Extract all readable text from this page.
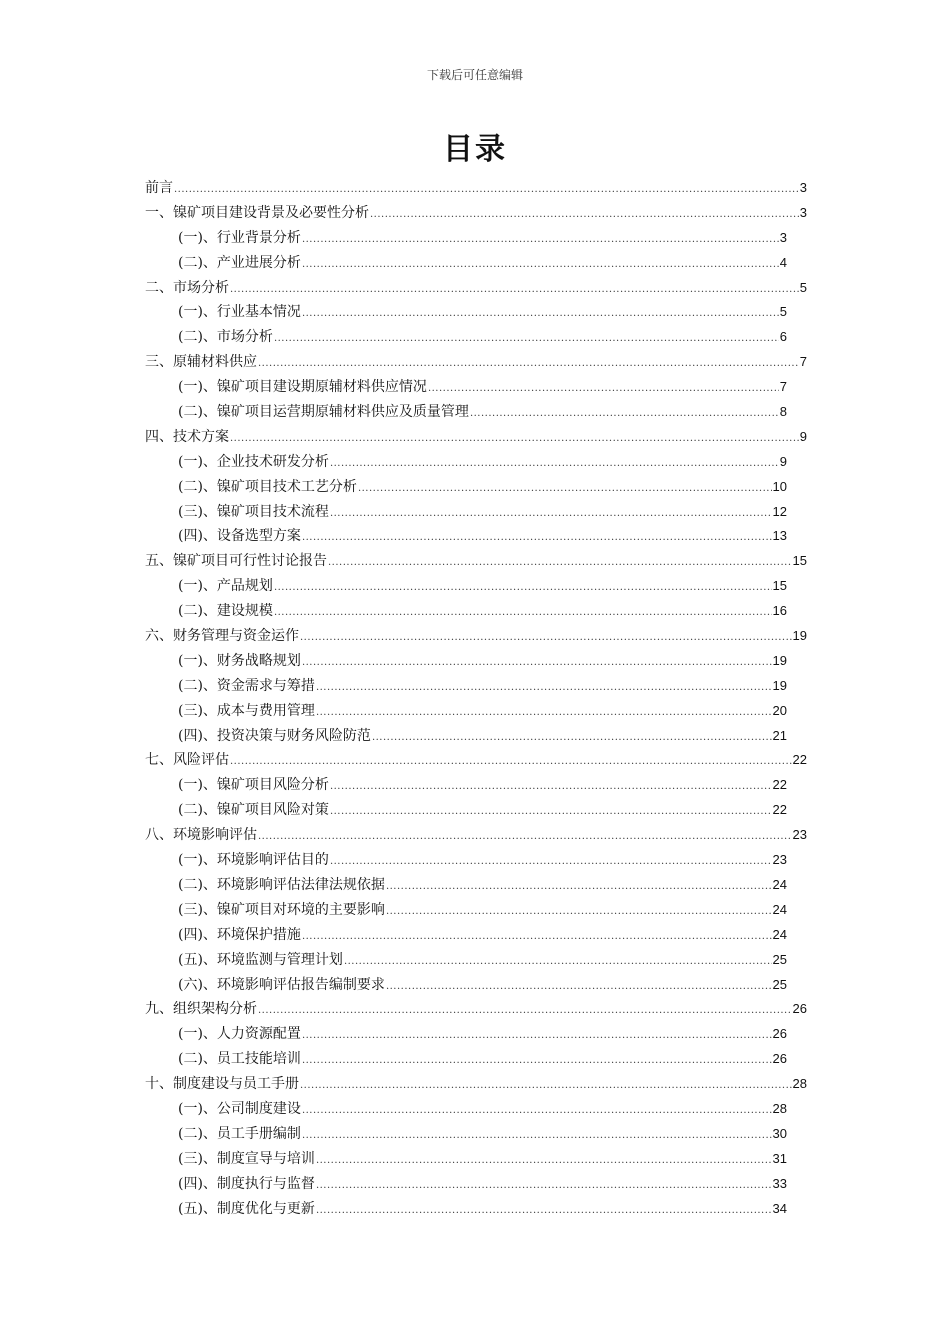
下载后可任意编辑
目录
前言 .....	3
一、镍矿项目建设背景及必要性分析 .....	3
(一)、行业背景分析 .....	3
(二)、产业进展分析 .....	4
二、市场分析 .....	5
(一)、行业基本情况 .....	5
(二)、市场分析 .....	6
三、原辅材料供应 .....	7
(一)、镍矿项目建设期原辅材料供应情况 .....	7
(二)、镍矿项目运营期原辅材料供应及质量管理 .....	8
四、技术方案 .....	9
(一)、企业技术研发分析 .....	9
(二)、镍矿项目技术工艺分析 .....	10
(三)、镍矿项目技术流程 .....	12
(四)、设备选型方案 .....	13
五、镍矿项目可行性讨论报告 .....	15
(一)、产品规划 .....	15
(二)、建设规模 .....	16
六、财务管理与资金运作 .....	19
(一)、财务战略规划 .....	19
(二)、资金需求与筹措 .....	19
(三)、成本与费用管理 .....	20
(四)、投资决策与财务风险防范 .....	21
七、风险评估 .....	22
(一)、镍矿项目风险分析 .....	22
(二)、镍矿项目风险对策 .....	22
八、环境影响评估 .....	23
(一)、环境影响评估目的 .....	23
(二)、环境影响评估法律法规依据 .....	24
(三)、镍矿项目对环境的主要影响 .....	24
(四)、环境保护措施 .....	24
(五)、环境监测与管理计划 .....	25
(六)、环境影响评估报告编制要求 .....	25
九、组织架构分析 .....	26
(一)、人力资源配置 .....	26
(二)、员工技能培训 .....	26
十、制度建设与员工手册 .....	28
(一)、公司制度建设 .....	28
(二)、员工手册编制 .....	30
(三)、制度宣导与培训 .....	31
(四)、制度执行与监督 .....	33
(五)、制度优化与更新 .....	34
